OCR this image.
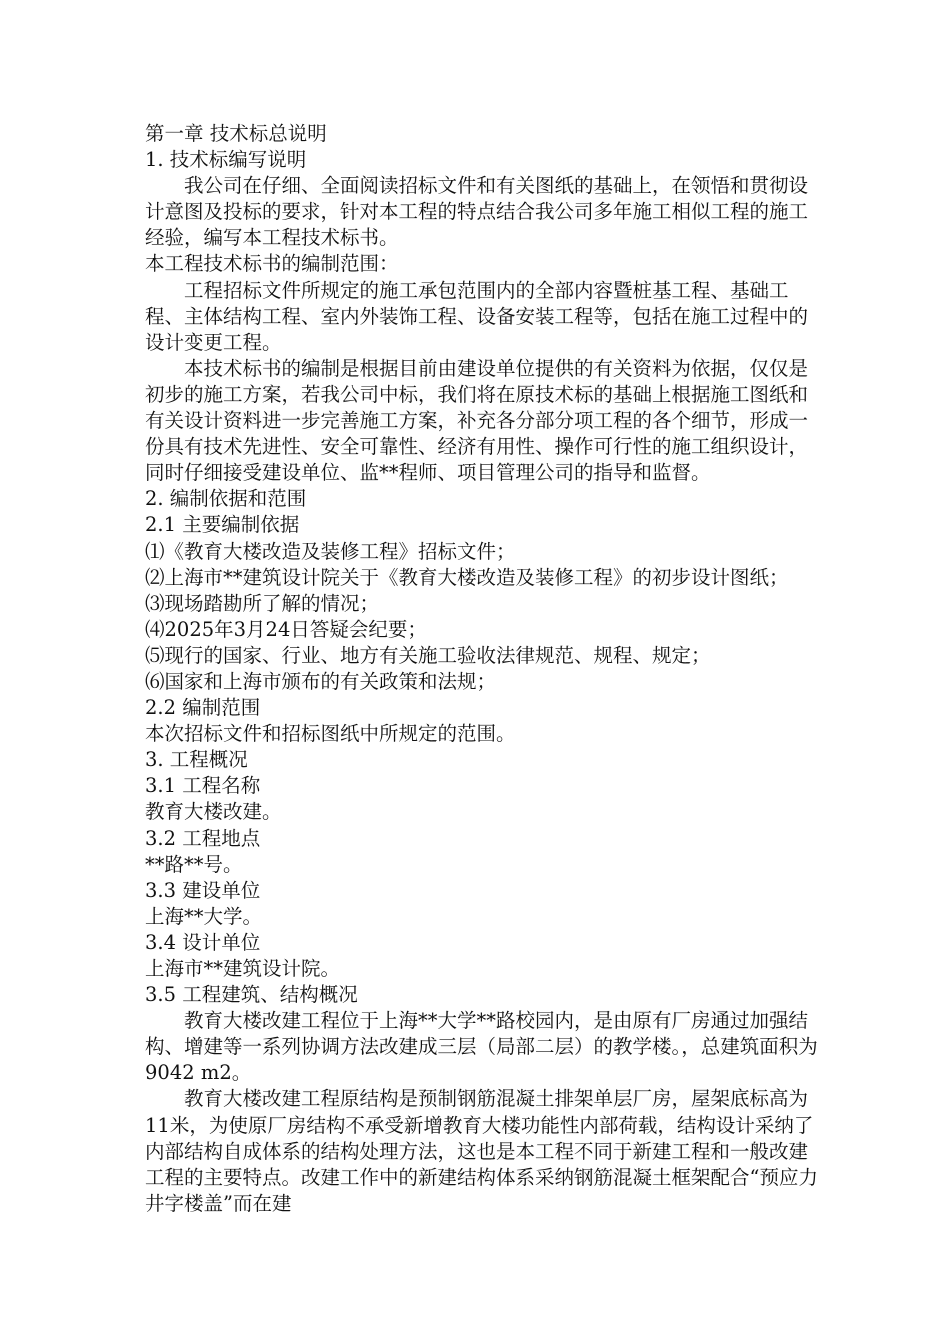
第一章 技术标总说明

1. 技术标编写说明

我公司在仔细、全面阅读招标文件和有关图纸的基础上，在领悟和贯彻设计意图及投标的要求，针对本工程的特点结合我公司多年施工相似工程的施工经验，编写本工程技术标书。

本工程技术标书的编制范围：

工程招标文件所规定的施工承包范围内的全部内容暨桩基工程、基础工程、主体结构工程、室内外装饰工程、设备安装工程等，包括在施工过程中的设计变更工程。

本技术标书的编制是根据目前由建设单位提供的有关资料为依据，仅仅是初步的施工方案，若我公司中标，我们将在原技术标的基础上根据施工图纸和有关设计资料进一步完善施工方案，补充各分部分项工程的各个细节，形成一份具有技术先进性、安全可靠性、经济有用性、操作可行性的施工组织设计，同时仔细接受建设单位、监**程师、项目管理公司的指导和监督。

2. 编制依据和范围

2.1 主要编制依据

⑴《教育大楼改造及装修工程》招标文件；

⑵上海市**建筑设计院关于《教育大楼改造及装修工程》的初步设计图纸；

⑶现场踏勘所了解的情况；

⑷2025年3月24日答疑会纪要；

⑸现行的国家、行业、地方有关施工验收法律规范、规程、规定；

⑹国家和上海市颁布的有关政策和法规；

2.2 编制范围

本次招标文件和招标图纸中所规定的范围。

3. 工程概况

3.1 工程名称

教育大楼改建。

3.2 工程地点

**路**号。

3.3 建设单位

上海**大学。

3.4 设计单位

上海市**建筑设计院。

3.5 工程建筑、结构概况

教育大楼改建工程位于上海**大学**路校园内，是由原有厂房通过加强结构、增建等一系列协调方法改建成三层（局部二层）的教学楼。，总建筑面积为9042 m2。

教育大楼改建工程原结构是预制钢筋混凝土排架单层厂房，屋架底标高为11米，为使原厂房结构不承受新增教育大楼功能性内部荷载，结构设计采纳了内部结构自成体系的结构处理方法，这也是本工程不同于新建工程和一般改建工程的主要特点。改建工作中的新建结构体系采纳钢筋混凝土框架配合“预应力井字楼盖”而在建
